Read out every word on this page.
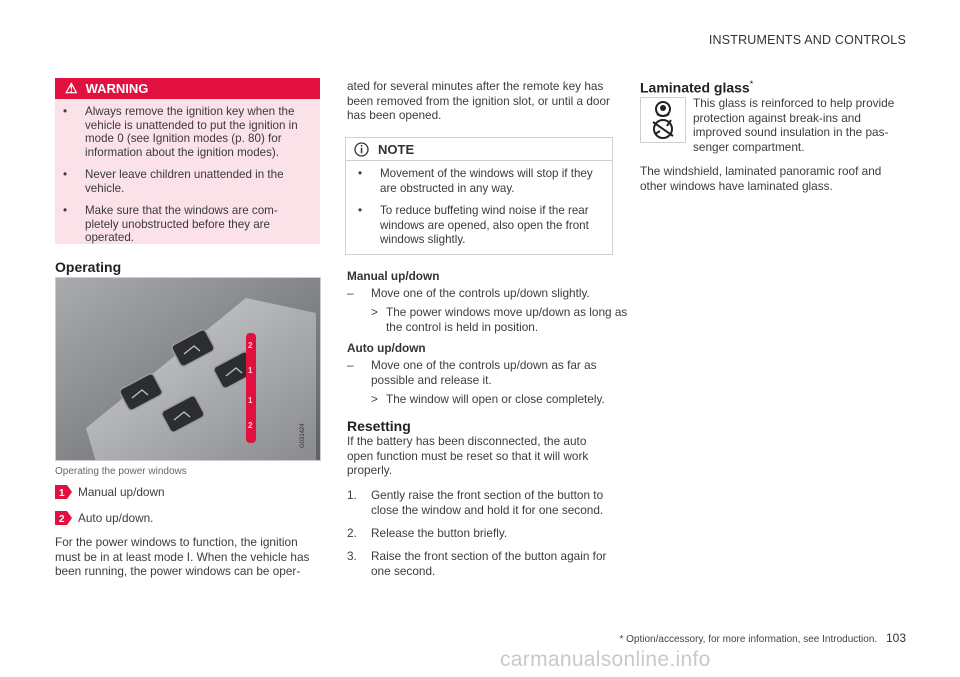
INSTRUMENTS AND CONTROLS
⚠ WARNING
• Always remove the ignition key when the vehicle is unattended to put the ignition in mode 0 (see Ignition modes (p. 80) for information about the ignition modes).
• Never leave children unattended in the vehicle.
• Make sure that the windows are com-pletely unobstructed before they are operated.
Operating
2
1
1
2	G031424
Operating the power windows
1 Manual up/down
2 Auto up/down.

For the power windows to function, the ignition must be in at least mode I. When the vehicle has been running, the power windows can be oper-

ated for several minutes after the remote key has been removed from the ignition slot, or until a door has been opened.

NOTE
• Movement of the windows will stop if they are obstructed in any way.
• To reduce buffeting wind noise if the rear windows are opened, also open the front windows slightly.
Manual up/down
–	Move one of the controls up/down slightly.
> The power windows move up/down as long as the control is held in position.
Auto up/down
–	Move one of the controls up/down as far as possible and release it.
> The window will open or close completely.
Resetting

If the battery has been disconnected, the auto open function must be reset so that it will work properly.

1.	Gently raise the front section of the button to close the window and hold it for one second.
2.	Release the button briefly.
3.	Raise the front section of the button again for one second.
Laminated glass*

This glass is reinforced to help provide protection against break-ins and improved sound insulation in the pas-senger compartment.

The windshield, laminated panoramic roof and other windows have laminated glass.

* Option/accessory, for more information, see Introduction. 103
carmanualsonline.info
